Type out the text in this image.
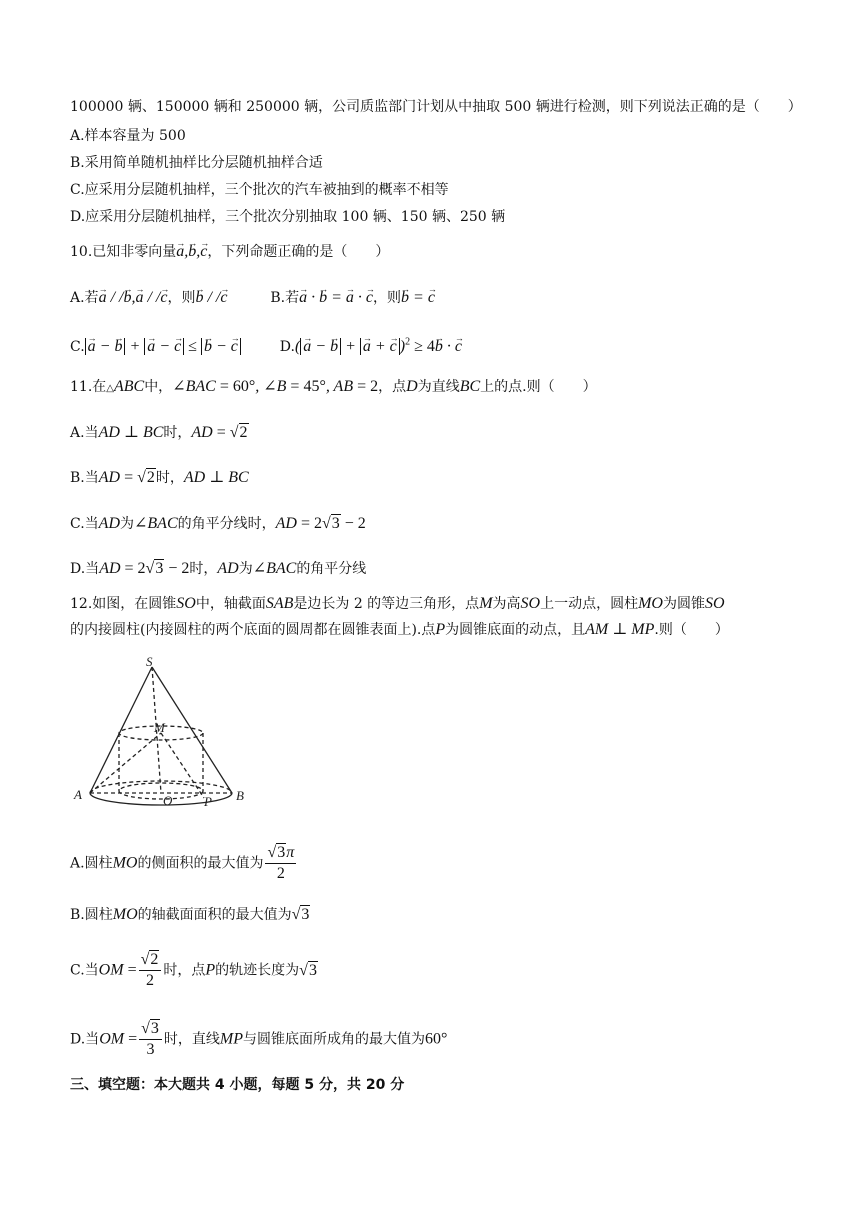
100000 辆、150000 辆和 250000 辆，公司质监部门计划从中抽取 500 辆进行检测，则下列说法正确的是（　　）
A.样本容量为 500
B.采用简单随机抽样比分层随机抽样合适
C.应采用分层随机抽样，三个批次的汽车被抽到的概率不相等
D.应采用分层随机抽样，三个批次分别抽取 100 辆、150 辆、250 辆
10.已知非零向量→ a,→ b,→ c，下列命题正确的是（　　）
A.若→ a / /→ b,→ a / /→ c，则→ b / /→ c	B.若→ a · → b = → a · → c，则→ b = → c
C. → a − → b + → a − → c ≤ → b − → c	D.( → a − → b + → a + → c )$^2$ ≥ 4→ b · → c
11.在△ABC中，∠BAC = 60°, ∠B = 45°, AB = 2，点D为直线BC上的点.则（　　）
A.当AD ⊥ BC时，AD = √2
B.当AD = √2时，AD ⊥ BC
C.当AD为∠BAC的角平分线时，AD = 2√3 − 2
D.当AD = 2√3 − 2时，AD为∠BAC的角平分线
12.如图，在圆锥SO中，轴截面SAB是边长为 2 的等边三角形，点M为高SO上一动点，圆柱MO为圆锥SO
的内接圆柱(内接圆柱的两个底面的圆周都在圆锥表面上).点P为圆锥底面的动点，且AM ⊥ MP.则（　　）
S
M
A	O P B
A.圆柱MO的侧面积的最大值为 $\frac{√3\pi}{2}$
B.圆柱MO的轴截面面积的最大值为√3
C.当OM = $\frac{√2}{2}$ 时，点P的轨迹长度为√3
D.当OM = $\frac{√3}{3}$ 时，直线MP与圆锥底面所成角的最大值为60°
三、填空题：本大题共 4 小题，每题 5 分，共 20 分
